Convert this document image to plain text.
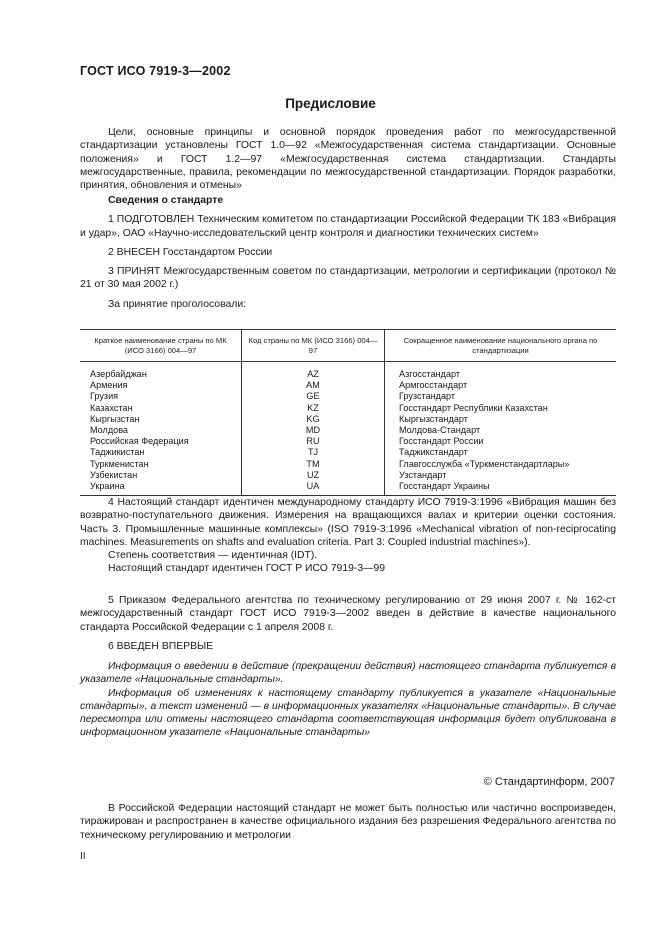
ГОСТ ИСО 7919-3—2002
Предисловие

Цели, основные принципы и основной порядок проведения работ по межгосударственной стандартизации установлены ГОСТ 1.0—92 «Межгосударственная система стандартизации. Основные положения» и ГОСТ 1.2—97 «Межгосударственная система стандартизации. Стандарты межгосударственные, правила, рекомендации по межгосударственной стандартизации. Порядок разработки, принятия, обновления и отмены»

Сведения о стандарте

1 ПОДГОТОВЛЕН Техническим комитетом по стандартизации Российской Федерации ТК 183 «Вибрация и удар», ОАО «Научно-исследовательский центр контроля и диагностики технических систем»

2 ВНЕСЕН Госстандартом России

3 ПРИНЯТ Межгосударственным советом по стандартизации, метрологии и сертификации (протокол № 21 от 30 мая 2002 г.)

За принятие проголосовали:

Краткое наименование страны по МК (ИСО 3166) 004—97	Код страны по МК (ИСО 3166) 004—97	Сокращенное наименование национального органа по стандартизации
Азербайджан	AZ	Азгосстандарт
Армения	AM	Армгосстандарт
Грузия	GE	Грузстандарт
Казахстан	KZ	Госстандарт Республики Казахстан
Кыргызстан	KG	Кыргызстандарт
Молдова	MD	Молдова-Стандарт
Российская Федерация	RU	Госстандарт России
Таджикистан	TJ	Таджикстандарт
Туркменистан	TM	Главгосслужба «Туркменстандартлары»
Узбекистан	UZ	Узстандарт
Украина	UA	Госстандарт Украины

4 Настоящий стандарт идентичен международному стандарту ИСО 7919-3:1996 «Вибрация машин без возвратно-поступательного движения. Измерения на вращающихся валах и критерии оценки состояния. Часть 3. Промышленные машинные комплексы» (ISO 7919-3:1996 «Mechanical vibration of non-reciprocating machines. Measurements on shafts and evaluation criteria. Part 3: Coupled industrial machines»).

Степень соответствия — идентичная (IDT).

Настоящий стандарт идентичен ГОСТ Р ИСО 7919-3—99

5 Приказом Федерального агентства по техническому регулированию от 29 июня 2007 г. № 162-ст межгосударственный стандарт ГОСТ ИСО 7919-3—2002 введен в действие в качестве национального стандарта Российской Федерации с 1 апреля 2008 г.

6 ВВЕДЕН ВПЕРВЫЕ

Информация о введении в действие (прекращении действия) настоящего стандарта публикуется в указателе «Национальные стандарты».

Информация об изменениях к настоящему стандарту публикуется в указателе «Национальные стандарты», а текст изменений — в информационных указателях «Национальные стандарты». В случае пересмотра или отмены настоящего стандарта соответствующая информация будет опубликована в информационном указателе «Национальные стандарты»

© Стандартинформ, 2007

В Российской Федерации настоящий стандарт не может быть полностью или частично воспроизведен, тиражирован и распространен в качестве официального издания без разрешения Федерального агентства по техническому регулированию и метрологии

II
